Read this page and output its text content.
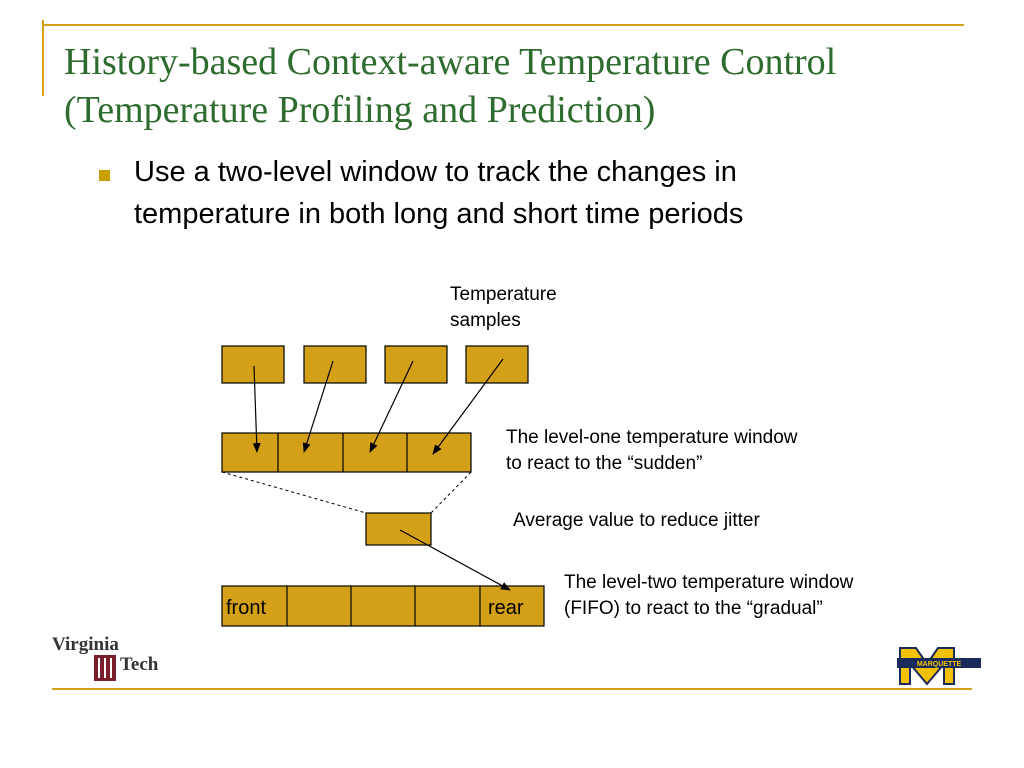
History-based Context-aware Temperature Control
(Temperature Profiling and Prediction)
Use a two-level window to track the changes in
temperature in both long and short time periods
Temperature
samples
The level-one temperature window
to react to the “sudden”
Average value to reduce jitter
The level-two temperature window
(FIFO) to react to the “gradual”
front	rear
Virginia
Tech	MARQUETTE
